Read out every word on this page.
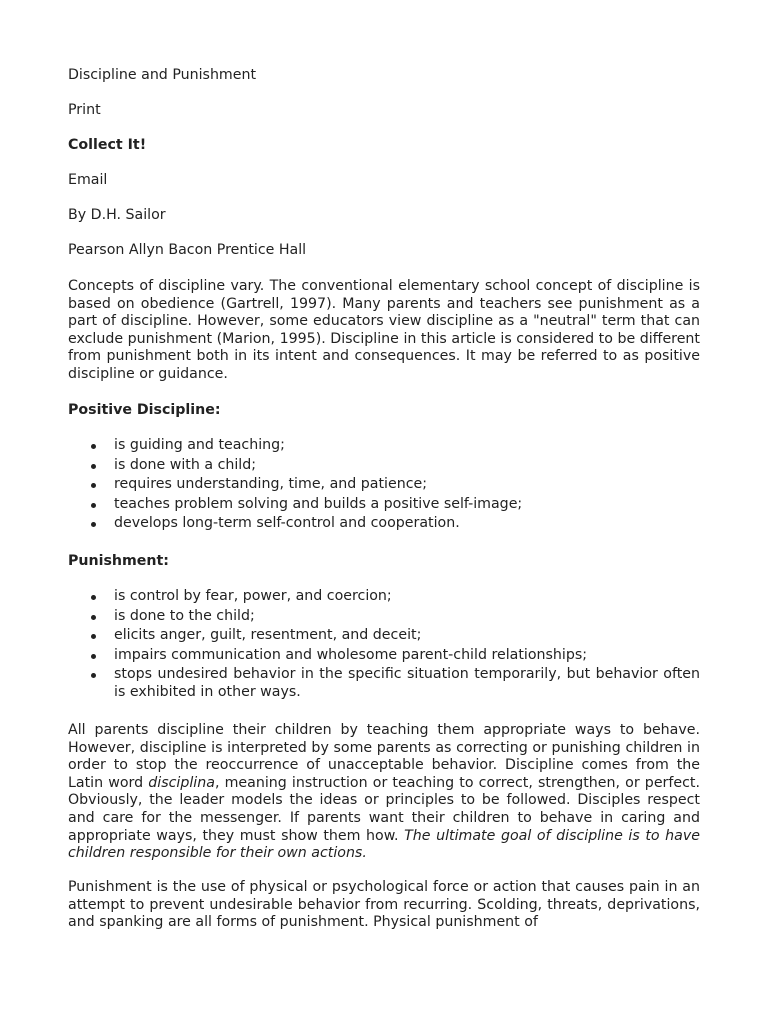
Discipline and Punishment
Print
Collect It!
Email
By D.H. Sailor
Pearson Allyn Bacon Prentice Hall
Concepts of discipline vary. The conventional elementary school concept of discipline is based on obedience (Gartrell, 1997). Many parents and teachers see punishment as a part of discipline. However, some educators view discipline as a "neutral" term that can exclude punishment (Marion, 1995). Discipline in this article is considered to be different from punishment both in its intent and consequences. It may be referred to as positive discipline or guidance.
Positive Discipline:
is guiding and teaching;
is done with a child;
requires understanding, time, and patience;
teaches problem solving and builds a positive self-image;
develops long-term self-control and cooperation.
Punishment:
is control by fear, power, and coercion;
is done to the child;
elicits anger, guilt, resentment, and deceit;
impairs communication and wholesome parent-child relationships;
stops undesired behavior in the specific situation temporarily, but behavior often is exhibited in other ways.
All parents discipline their children by teaching them appropriate ways to behave. However, discipline is interpreted by some parents as correcting or punishing children in order to stop the reoccurrence of unacceptable behavior. Discipline comes from the Latin word disciplina, meaning instruction or teaching to correct, strengthen, or perfect. Obviously, the leader models the ideas or principles to be followed. Disciples respect and care for the messenger. If parents want their children to behave in caring and appropriate ways, they must show them how. The ultimate goal of discipline is to have children responsible for their own actions.
Punishment is the use of physical or psychological force or action that causes pain in an attempt to prevent undesirable behavior from recurring. Scolding, threats, deprivations, and spanking are all forms of punishment. Physical punishment of
